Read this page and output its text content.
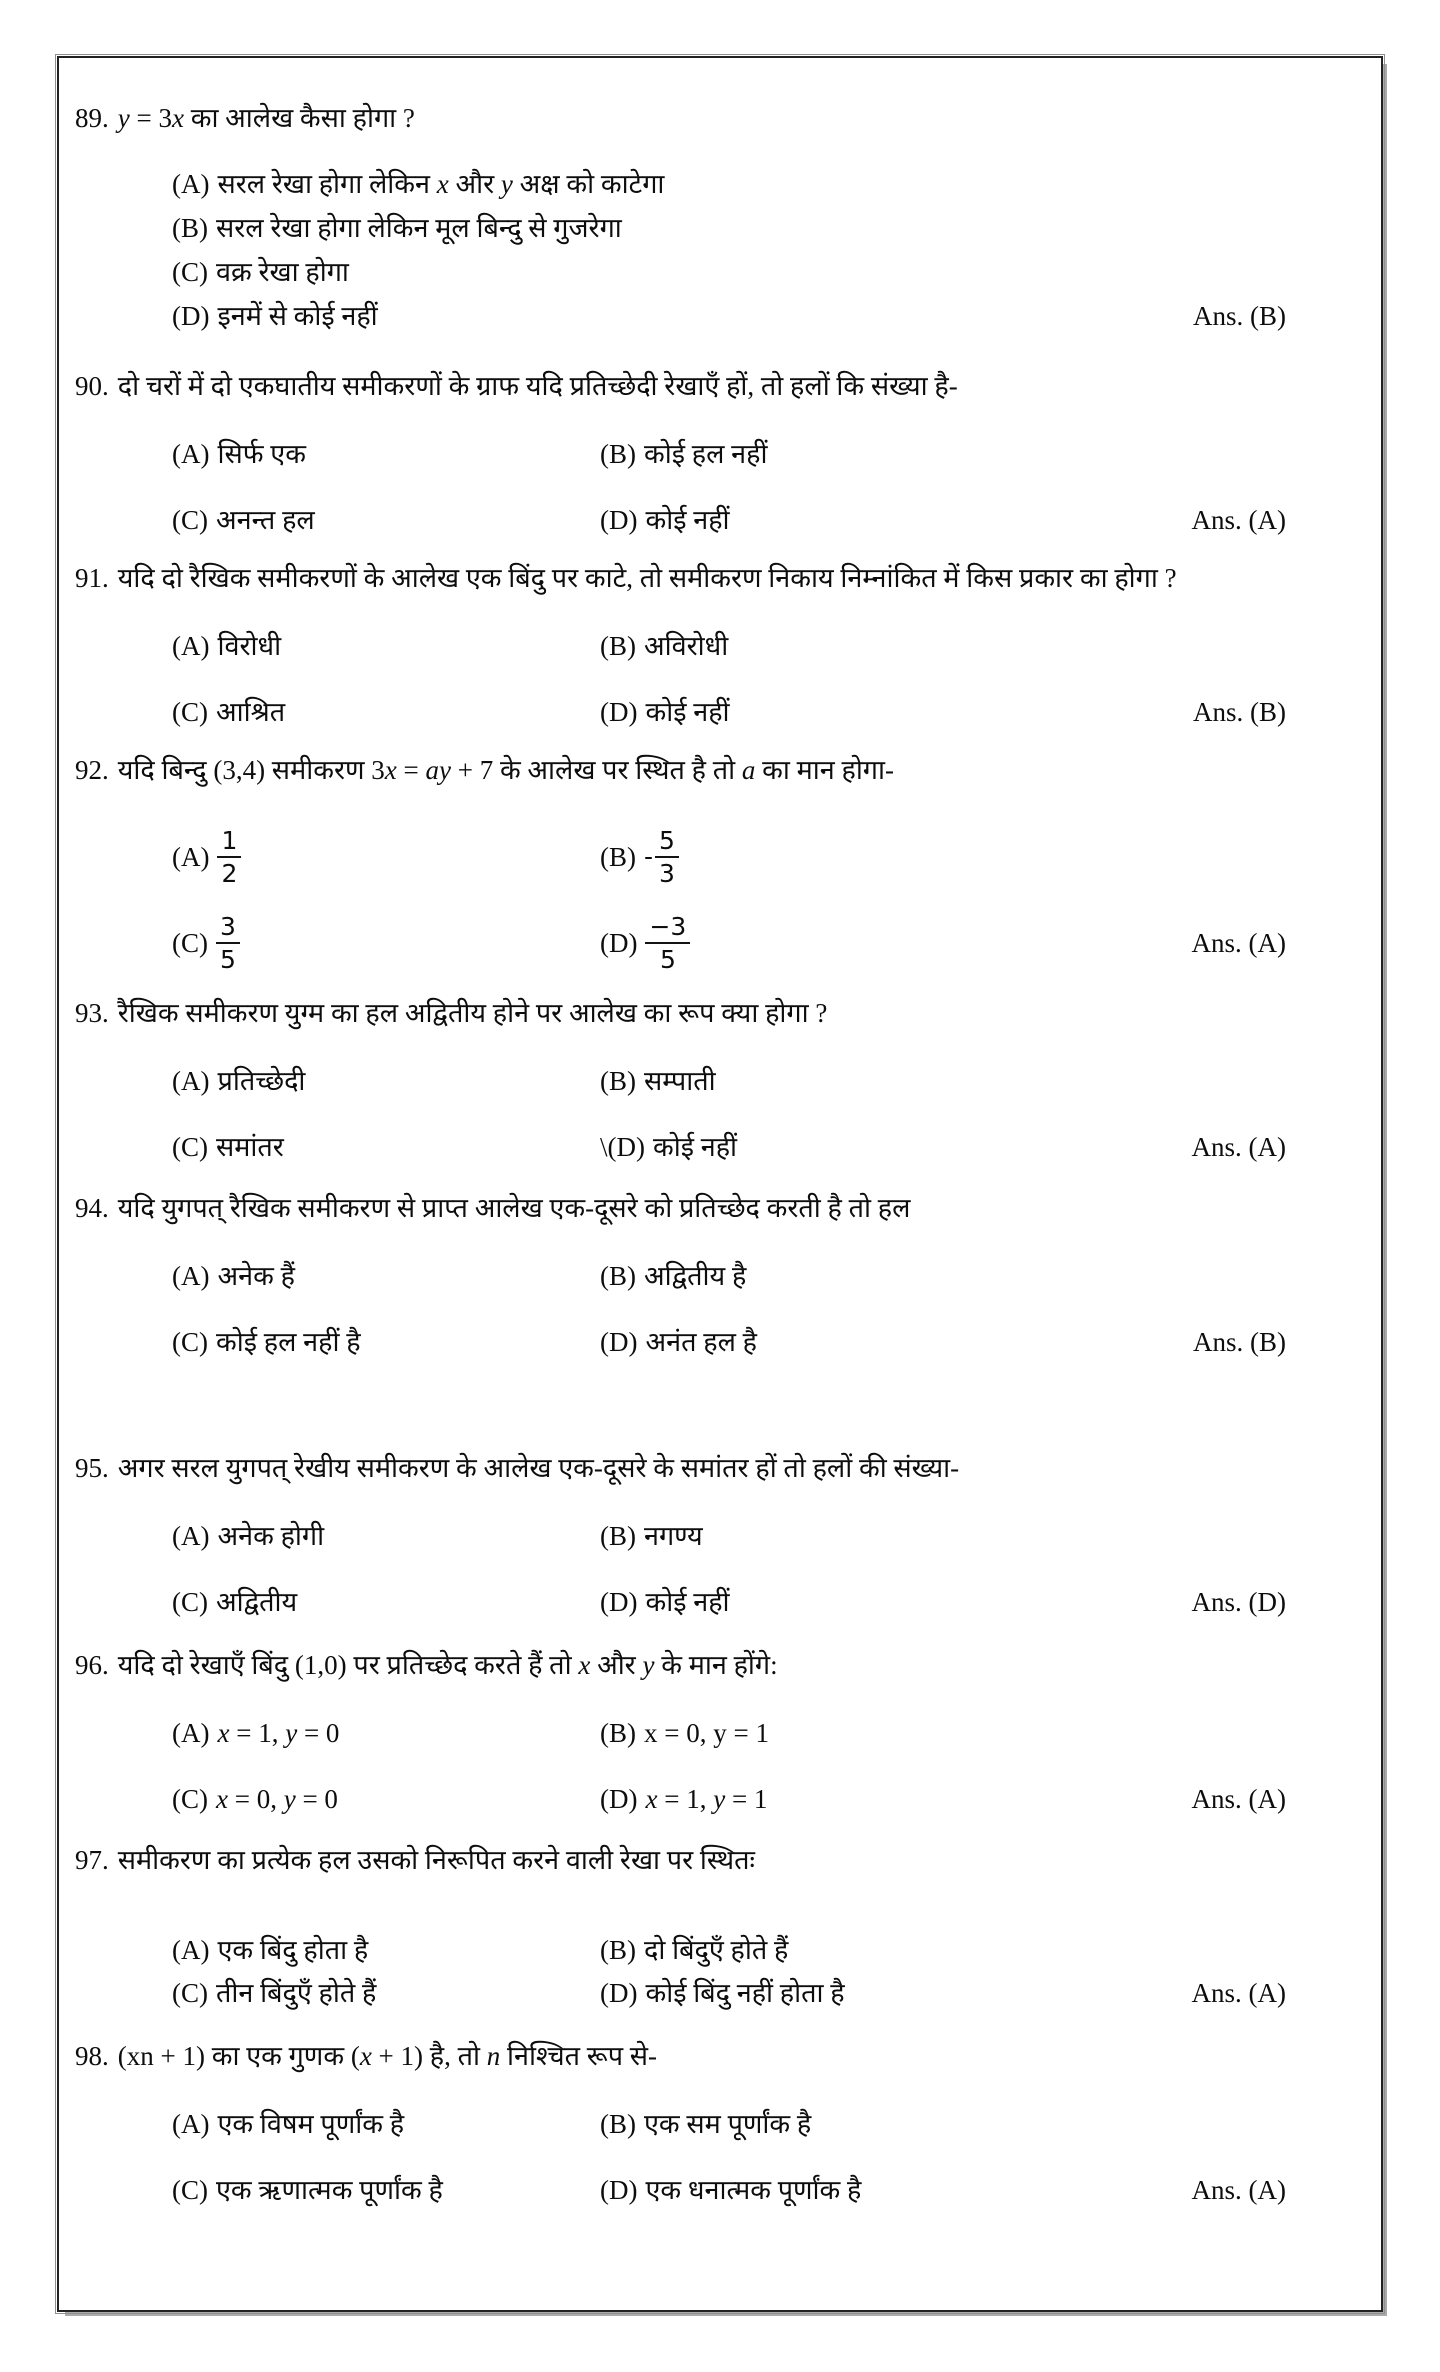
89. y = 3x का आलेख कैसा होगा ?
(A) सरल रेखा होगा लेकिन x और y अक्ष को काटेगा
(B) सरल रेखा होगा लेकिन मूल बिन्दु से गुजरेगा
(C) वक्र रेखा होगा
(D) इनमें से कोई नहीं	Ans. (B)
90. दो चरों में दो एकघातीय समीकरणों के ग्राफ यदि प्रतिच्छेदी रेखाएँ हों, तो हलों कि संख्या है-
(A) सिर्फ एक	(B) कोई हल नहीं
(C) अनन्त हल	(D) कोई नहीं	Ans. (A)
91. यदि दो रैखिक समीकरणों के आलेख एक बिंदु पर काटे, तो समीकरण निकाय निम्नांकित में किस प्रकार का होगा ?
(A) विरोधी	(B) अविरोधी
(C) आश्रित	(D) कोई नहीं	Ans. (B)
92. यदि बिन्दु (3,4) समीकरण 3x = ay + 7 के आलेख पर स्थित है तो a का मान होगा-
$(A) \frac{1}{2}$	$(B) - \frac{5}{3}$
$(C) \frac{3}{5}$	$(D) \frac{-3}{5}$	Ans. (A)
93. रैखिक समीकरण युग्म का हल अद्वितीय होने पर आलेख का रूप क्या होगा ?
(A) प्रतिच्छेदी	(B) सम्पाती
(C) समांतर	\(D) कोई नहीं	Ans. (A)
94. यदि युगपत् रैखिक समीकरण से प्राप्त आलेख एक-दूसरे को प्रतिच्छेद करती है तो हल
(A) अनेक हैं	(B) अद्वितीय है
(C) कोई हल नहीं है	(D) अनंत हल है	Ans. (B)
95. अगर सरल युगपत् रेखीय समीकरण के आलेख एक-दूसरे के समांतर हों तो हलों की संख्या-
(A) अनेक होगी	(B) नगण्य
(C) अद्वितीय	(D) कोई नहीं	Ans. (D)
96. यदि दो रेखाएँ बिंदु (1,0) पर प्रतिच्छेद करते हैं तो x और y के मान होंगे:
(A) x = 1, y = 0	(B) x = 0, y = 1
(C) x = 0, y = 0	(D) x = 1, y = 1	Ans. (A)
97. समीकरण का प्रत्येक हल उसको निरूपित करने वाली रेखा पर स्थितः
(A) एक बिंदु होता है	(B) दो बिंदुएँ होते हैं
(C) तीन बिंदुएँ होते हैं	(D) कोई बिंदु नहीं होता है	Ans. (A)
98. (xn + 1) का एक गुणक (x + 1) है, तो n निश्चित रूप से-
(A) एक विषम पूर्णांक है	(B) एक सम पूर्णांक है
(C) एक ऋणात्मक पूर्णांक है	(D) एक धनात्मक पूर्णांक है	Ans. (A)
